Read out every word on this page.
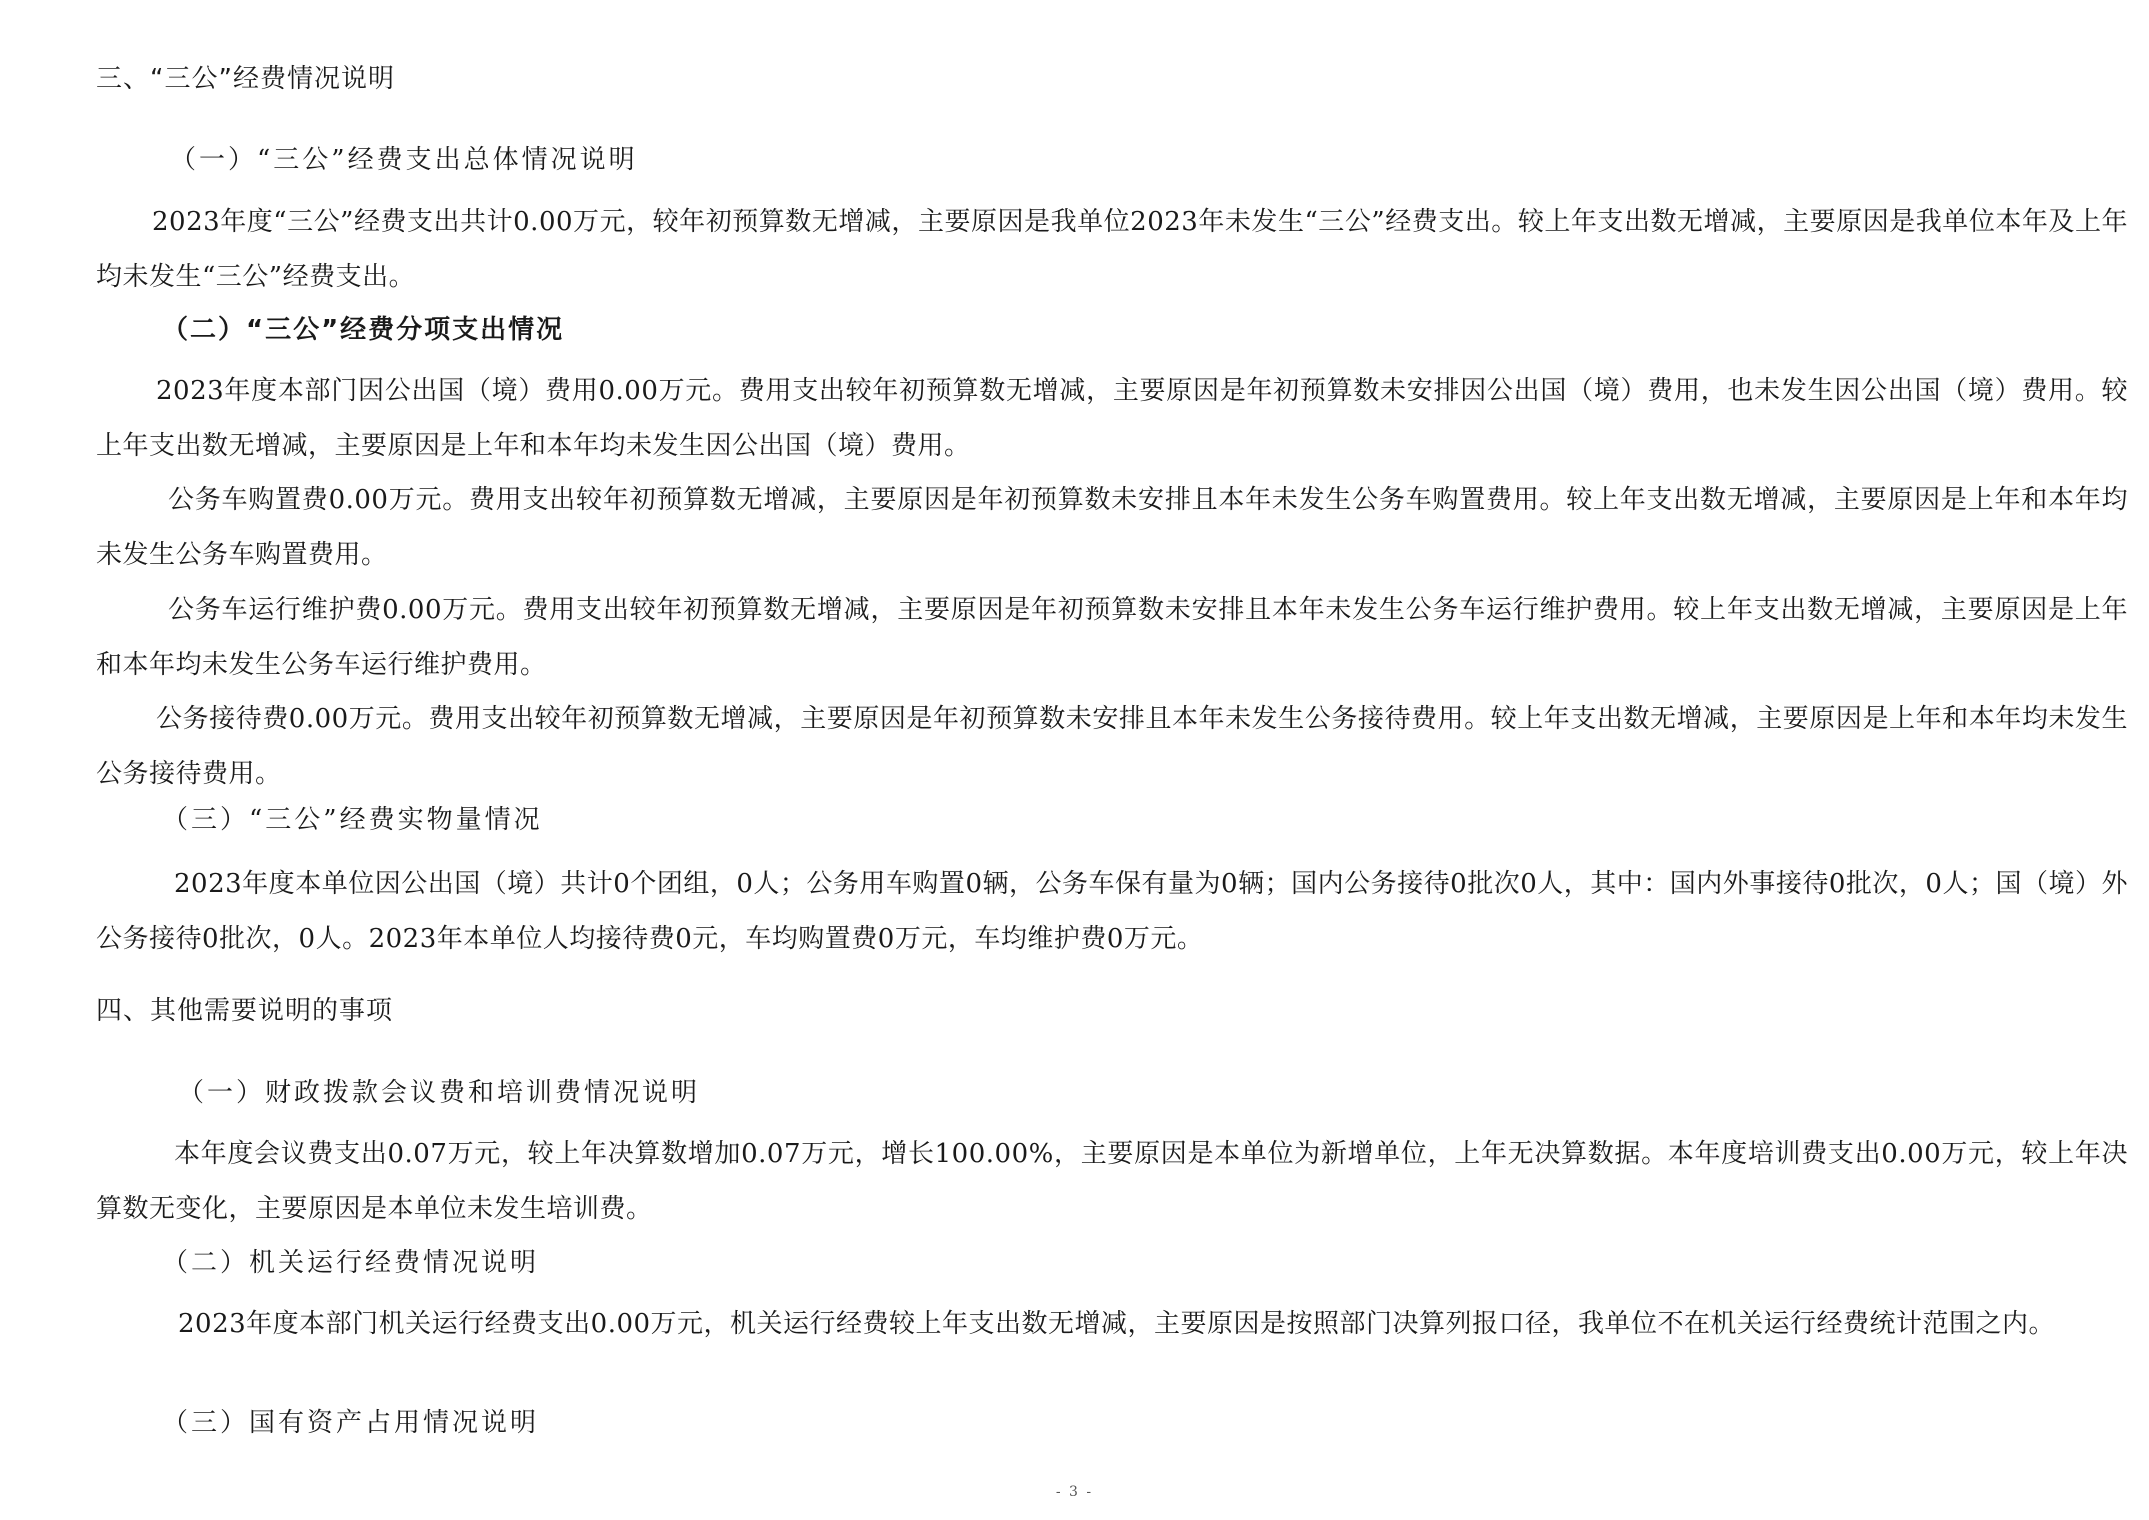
三、“三公”经费情况说明
（一）“三公”经费支出总体情况说明

2023年度“三公”经费支出共计0.00万元，较年初预算数无增减，主要原因是我单位2023年未发生“三公”经费支出。较上年支出数无增减，主要原因是我单位本年及上年均未发生“三公”经费支出。

（二）“三公”经费分项支出情况

2023年度本部门因公出国（境）费用0.00万元。费用支出较年初预算数无增减，主要原因是年初预算数未安排因公出国（境）费用，也未发生因公出国（境）费用。较上年支出数无增减，主要原因是上年和本年均未发生因公出国（境）费用。

公务车购置费0.00万元。费用支出较年初预算数无增减，主要原因是年初预算数未安排且本年未发生公务车购置费用。较上年支出数无增减，主要原因是上年和本年均未发生公务车购置费用。

公务车运行维护费0.00万元。费用支出较年初预算数无增减，主要原因是年初预算数未安排且本年未发生公务车运行维护费用。较上年支出数无增减，主要原因是上年和本年均未发生公务车运行维护费用。

公务接待费0.00万元。费用支出较年初预算数无增减，主要原因是年初预算数未安排且本年未发生公务接待费用。较上年支出数无增减，主要原因是上年和本年均未发生公务接待费用。

（三）“三公”经费实物量情况

2023年度本单位因公出国（境）共计0个团组，0人；公务用车购置0辆，公务车保有量为0辆；国内公务接待0批次0人，其中：国内外事接待0批次，0人；国（境）外公务接待0批次，0人。2023年本单位人均接待费0元，车均购置费0万元，车均维护费0万元。

四、其他需要说明的事项
（一）财政拨款会议费和培训费情况说明

本年度会议费支出0.07万元，较上年决算数增加0.07万元，增长100.00%，主要原因是本单位为新增单位，上年无决算数据。本年度培训费支出0.00万元，较上年决算数无变化，主要原因是本单位未发生培训费。

（二）机关运行经费情况说明

2023年度本部门机关运行经费支出0.00万元，机关运行经费较上年支出数无增减，主要原因是按照部门决算列报口径，我单位不在机关运行经费统计范围之内。

（三）国有资产占用情况说明
- 3 -
